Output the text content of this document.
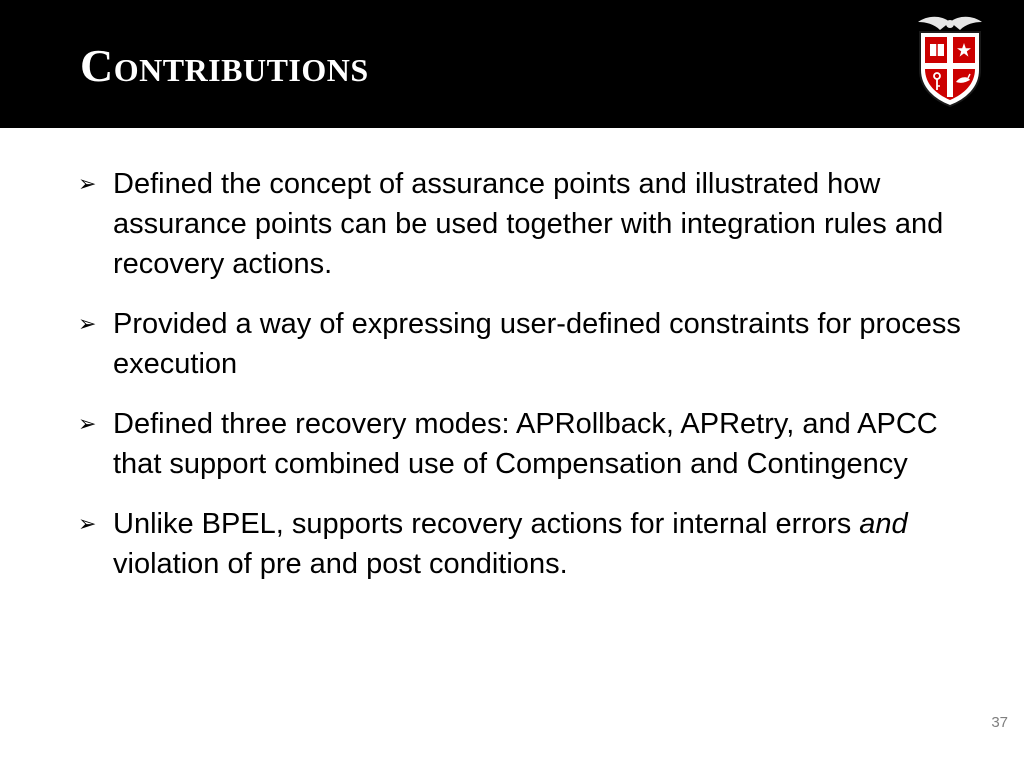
Contributions
➢ Defined the concept of assurance points and illustrated how assurance points can be used together with integration rules and recovery actions.
➢ Provided a way of expressing user-defined constraints for process execution
➢ Defined three recovery modes: APRollback, APRetry, and APCC that support combined use of Compensation and Contingency
➢ Unlike BPEL, supports recovery actions for internal errors and violation of pre and post conditions.
37
